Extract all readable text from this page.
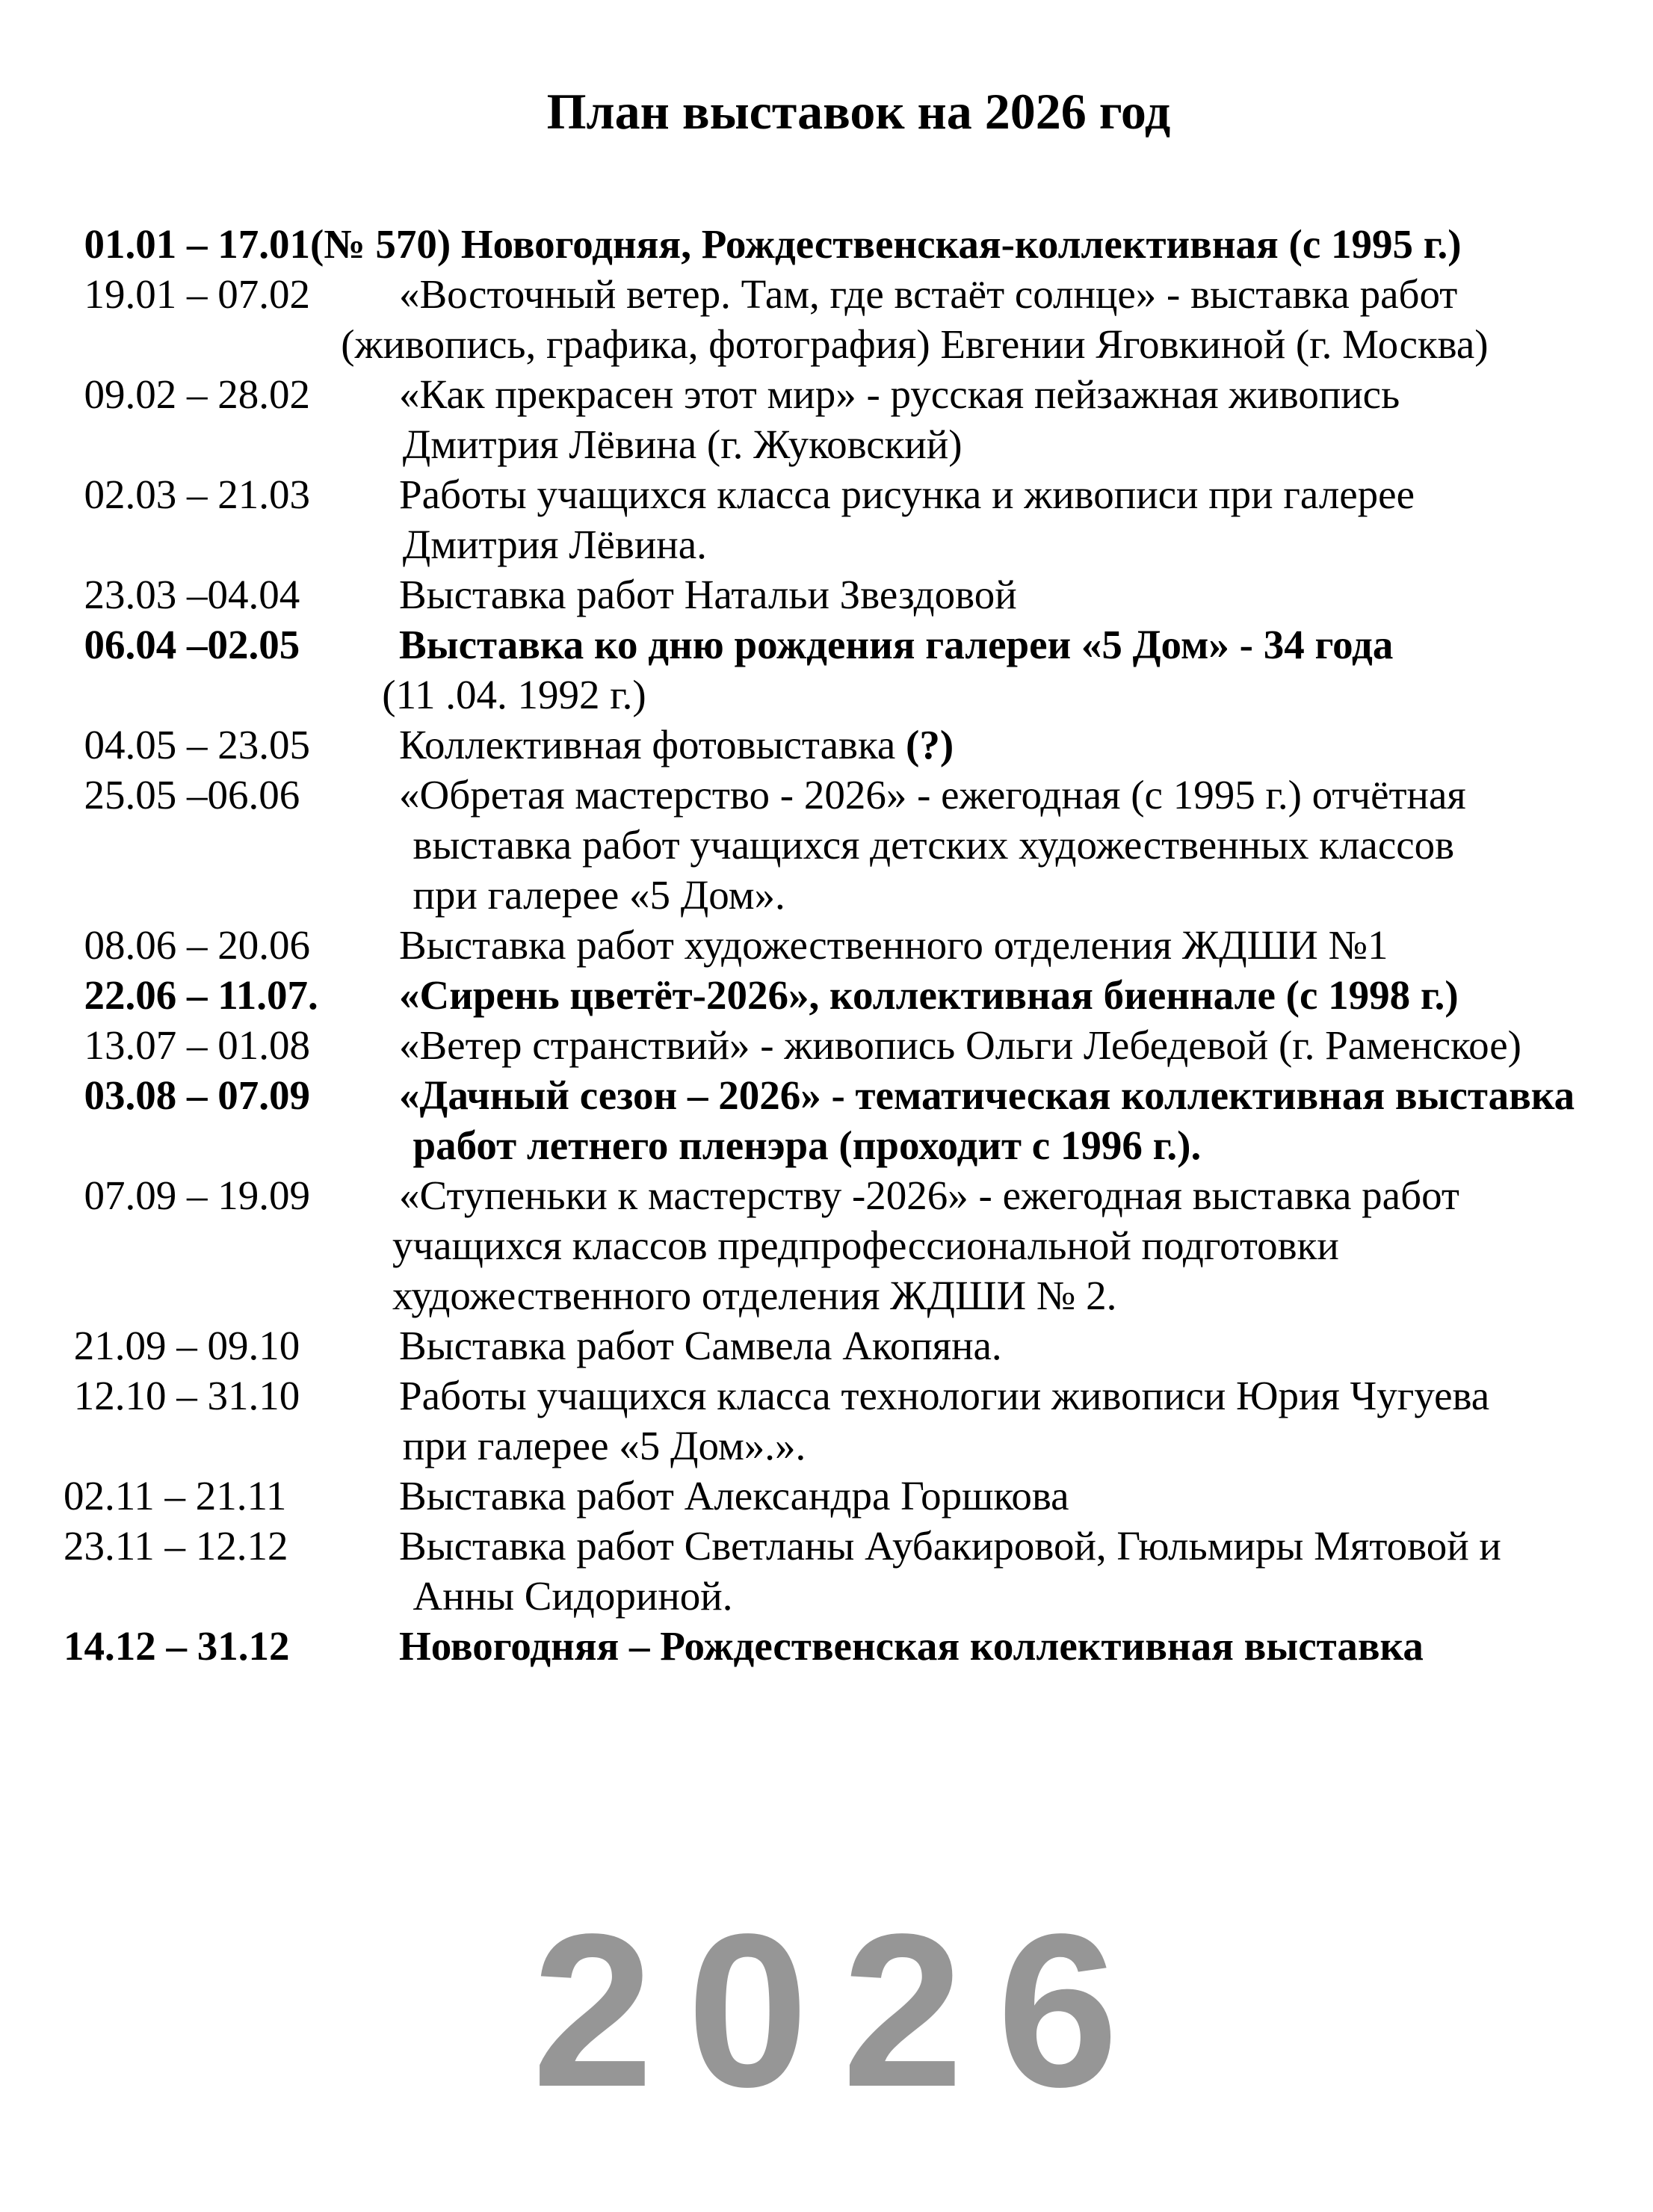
План выставок на 2026 год
01.01 – 17.01(№ 570) Новогодняя, Рождественская-коллективная (с 1995 г.)
19.01 – 07.02	«Восточный ветер. Там, где встаёт солнце» - выставка работ
(живопись, графика, фотография) Евгении Яговкиной (г. Москва)
09.02 – 28.02	«Как прекрасен этот мир» - русская пейзажная живопись
Дмитрия Лёвина (г. Жуковский)
02.03 – 21.03	Работы учащихся класса рисунка и живописи при галерее
Дмитрия Лёвина.
23.03 –04.04	Выставка работ Натальи Звездовой
06.04 –02.05	Выставка ко дню рождения галереи «5 Дом» - 34 года
(11 .04. 1992 г.)
04.05 – 23.05	Коллективная фотовыставка (?)
25.05 –06.06	«Обретая мастерство - 2026» - ежегодная (с 1995 г.) отчётная
выставка работ учащихся детских художественных классов
при галерее «5 Дом».
08.06 – 20.06	Выставка работ художественного отделения ЖДШИ №1
22.06 – 11.07.	«Сирень цветёт-2026», коллективная биеннале (с 1998 г.)
13.07 – 01.08	«Ветер странствий» - живопись Ольги Лебедевой (г. Раменское)
03.08 – 07.09	«Дачный сезон – 2026» - тематическая коллективная выставка
работ летнего пленэра (проходит с 1996 г.).
07.09 – 19.09	«Ступеньки к мастерству -2026» - ежегодная выставка работ
учащихся классов предпрофессиональной подготовки
художественного отделения ЖДШИ № 2.
21.09 – 09.10	Выставка работ Самвела Акопяна.
12.10 – 31.10	Работы учащихся класса технологии живописи Юрия Чугуева
при галерее «5 Дом».».
02.11 – 21.11	Выставка работ Александра Горшкова
23.11 – 12.12	Выставка работ Светланы Аубакировой, Гюльмиры Мятовой и
Анны Сидориной.
14.12 – 31.12	Новогодняя – Рождественская коллективная выставка
2026
